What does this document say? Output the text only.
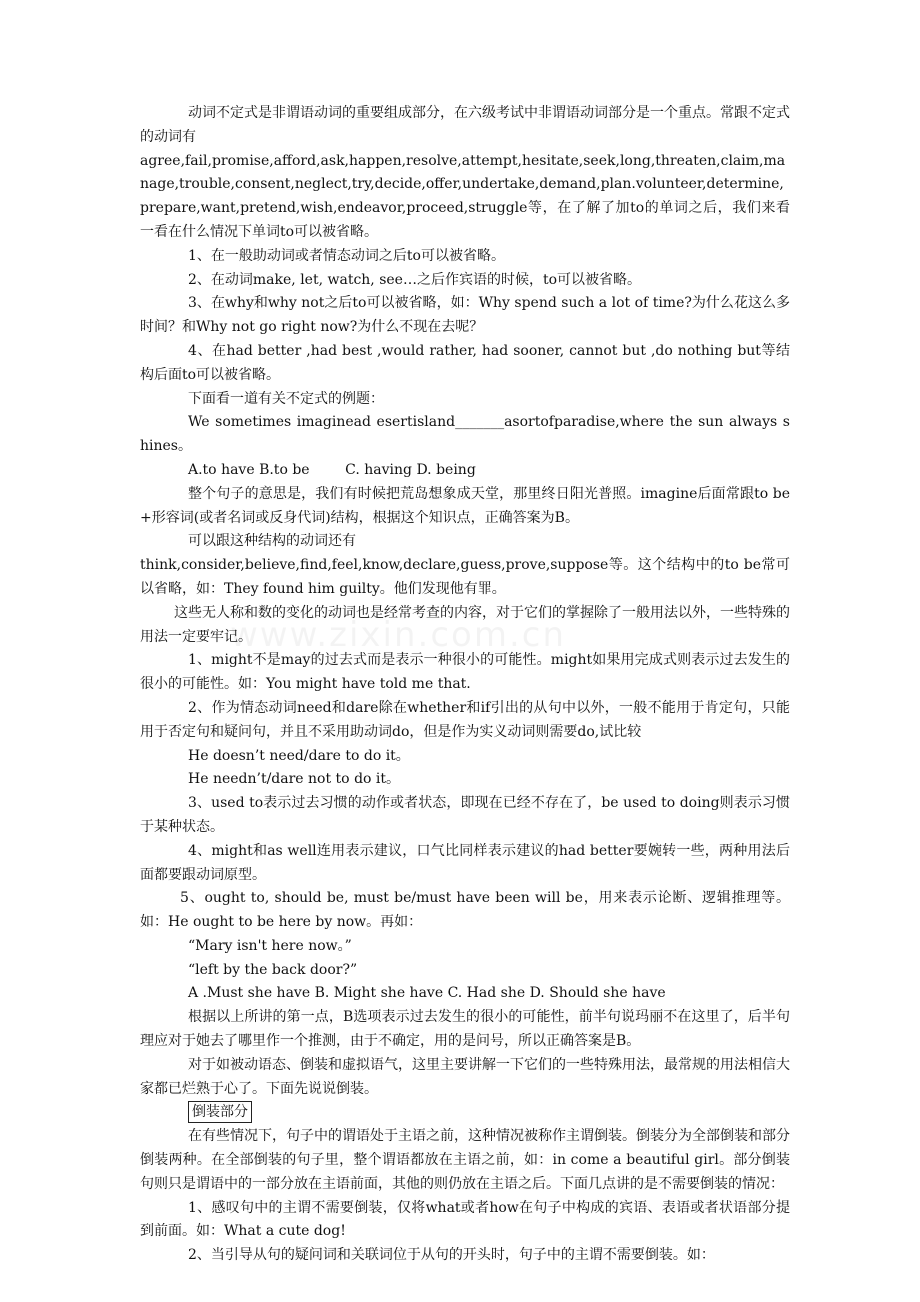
动词不定式是非谓语动词的重要组成部分，在六级考试中非谓语动词部分是一个重点。常跟不定式的动词有

agree,fail,promise,afford,ask,happen,resolve,attempt,hesitate,seek,long,threaten,claim,manage,trouble,consent,neglect,try,decide,offer,undertake,demand,plan.volunteer,determine,prepare,want,pretend,wish,endeavor,proceed,struggle等，在了解了加to的单词之后，我们来看一看在什么情况下单词to可以被省略。

1、在一般助动词或者情态动词之后to可以被省略。

2、在动词make, let, watch, see…之后作宾语的时候，to可以被省略。

3、在why和why not之后to可以被省略，如：Why spend such a lot of time?为什么花这么多时间？和Why not go right now?为什么不现在去呢？

4、在had better ,had best ,would rather, had sooner, cannot but ,do nothing but等结构后面to可以被省略。

下面看一道有关不定式的例题：

We sometimes imaginead esertisland_______asortofparadise,where the sun always shines。

A.to have B.to be        C. having D. being

整个句子的意思是，我们有时候把荒岛想象成天堂，那里终日阳光普照。imagine后面常跟to be+形容词(或者名词或反身代词)结构，根据这个知识点，正确答案为B。

可以跟这种结构的动词还有

think,consider,believe,find,feel,know,declare,guess,prove,suppose等。这个结构中的to be常可以省略，如：They found him guilty。他们发现他有罪。

这些无人称和数的变化的动词也是经常考查的内容，对于它们的掌握除了一般用法以外，一些特殊的用法一定要牢记。

1、might不是may的过去式而是表示一种很小的可能性。might如果用完成式则表示过去发生的很小的可能性。如：You might have told me that.

2、作为情态动词need和dare除在whether和if引出的从句中以外，一般不能用于肯定句，只能用于否定句和疑问句，并且不采用助动词do，但是作为实义动词则需要do,试比较

He doesn’t need/dare to do it。

He needn’t/dare not to do it。

3、used to表示过去习惯的动作或者状态，即现在已经不存在了，be used to doing则表示习惯于某种状态。

4、might和as well连用表示建议，口气比同样表示建议的had better要婉转一些，两种用法后面都要跟动词原型。

5、ought to, should be, must be/must have been will be，用来表示论断、逻辑推理等。如：He ought to be here by now。再如：

“Mary isn't here now。”

“left by the back door?”

A .Must she have B. Might she have C. Had she D. Should she have

根据以上所讲的第一点，B选项表示过去发生的很小的可能性，前半句说玛丽不在这里了，后半句理应对于她去了哪里作一个推测，由于不确定，用的是问号，所以正确答案是B。

对于如被动语态、倒装和虚拟语气，这里主要讲解一下它们的一些特殊用法，最常规的用法相信大家都已烂熟于心了。下面先说说倒装。

倒装部分

在有些情况下，句子中的谓语处于主语之前，这种情况被称作主谓倒装。倒装分为全部倒装和部分倒装两种。在全部倒装的句子里，整个谓语都放在主语之前，如：in come a beautiful girl。部分倒装句则只是谓语中的一部分放在主语前面，其他的则仍放在主语之后。下面几点讲的是不需要倒装的情况：

1、感叹句中的主谓不需要倒装，仅将what或者how在句子中构成的宾语、表语或者状语部分提到前面。如：What a cute dog!

2、当引导从句的疑问词和关联词位于从句的开头时，句子中的主谓不需要倒装。如：
